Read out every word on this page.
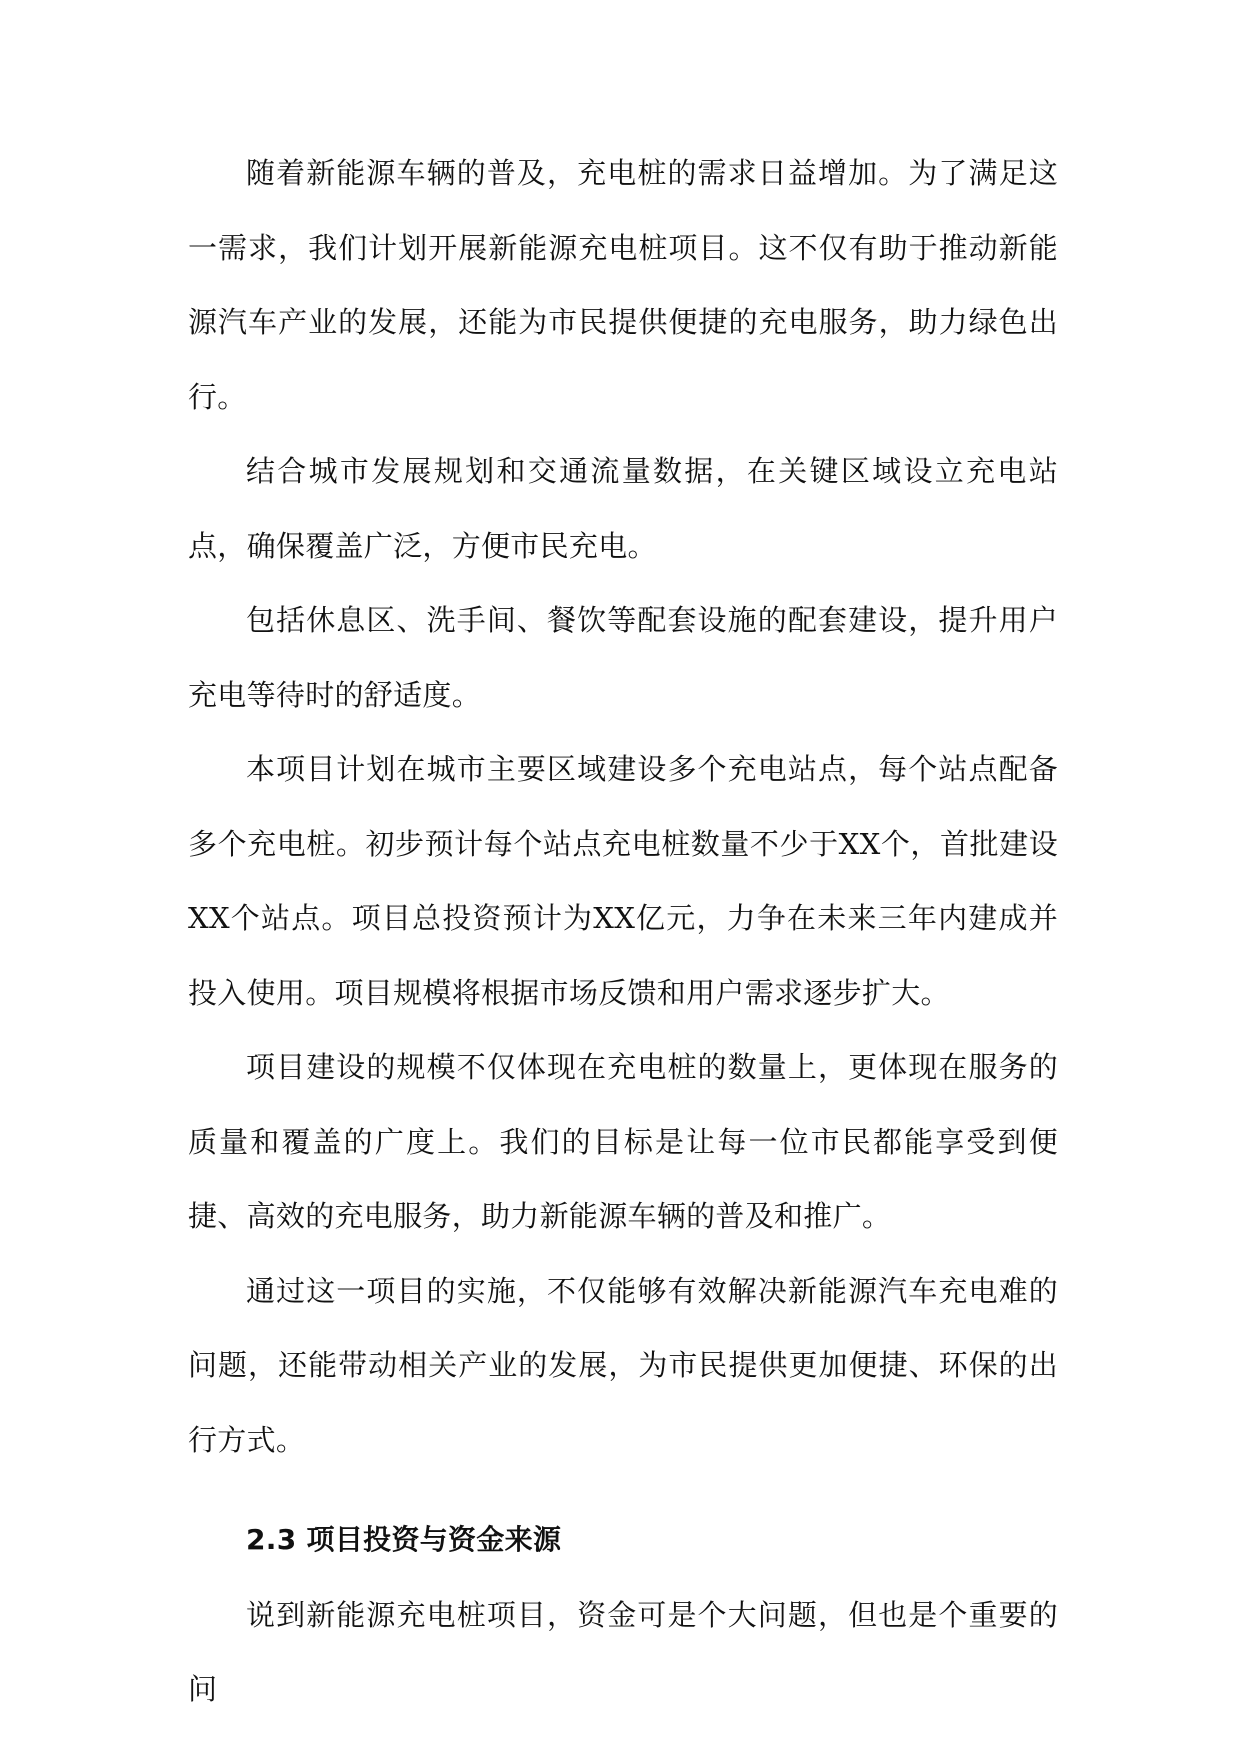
随着新能源车辆的普及，充电桩的需求日益增加。为了满足这一需求，我们计划开展新能源充电桩项目。这不仅有助于推动新能源汽车产业的发展，还能为市民提供便捷的充电服务，助力绿色出行。

结合城市发展规划和交通流量数据，在关键区域设立充电站点，确保覆盖广泛，方便市民充电。

包括休息区、洗手间、餐饮等配套设施的配套建设，提升用户充电等待时的舒适度。

本项目计划在城市主要区域建设多个充电站点，每个站点配备多个充电桩。初步预计每个站点充电桩数量不少于XX个，首批建设XX个站点。项目总投资预计为XX亿元，力争在未来三年内建成并投入使用。项目规模将根据市场反馈和用户需求逐步扩大。

项目建设的规模不仅体现在充电桩的数量上，更体现在服务的质量和覆盖的广度上。我们的目标是让每一位市民都能享受到便捷、高效的充电服务，助力新能源车辆的普及和推广。

通过这一项目的实施，不仅能够有效解决新能源汽车充电难的问题，还能带动相关产业的发展，为市民提供更加便捷、环保的出行方式。

2.3 项目投资与资金来源

说到新能源充电桩项目，资金可是个大问题，但也是个重要的问
